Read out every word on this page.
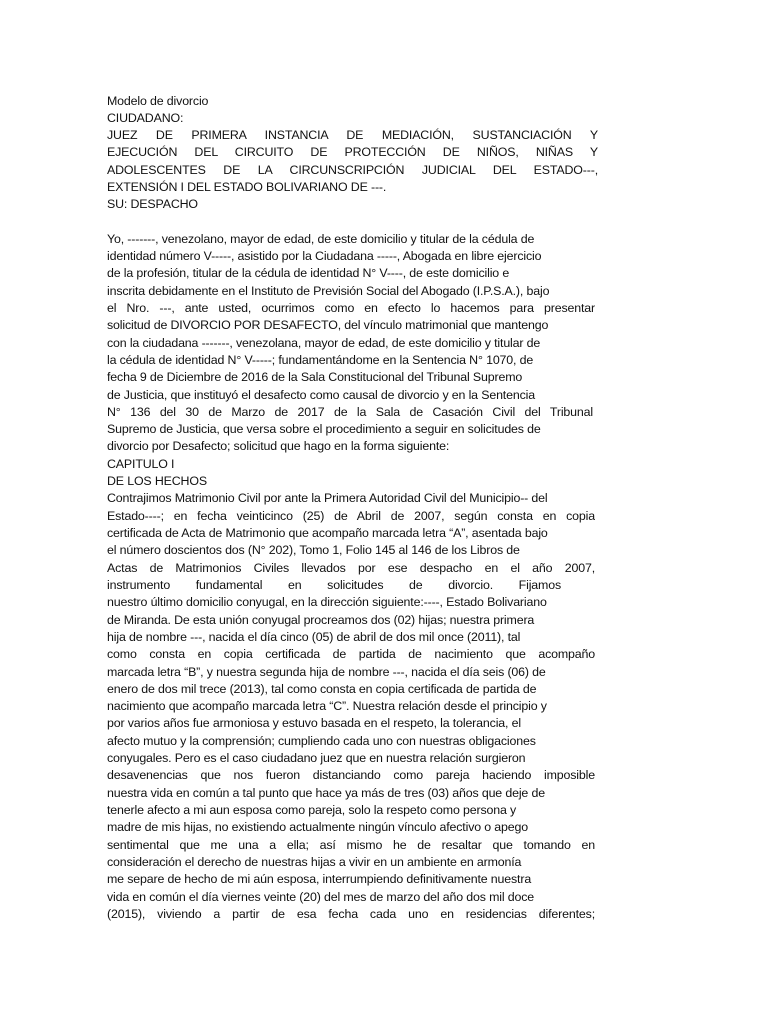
Modelo de divorcio
CIUDADANO:
JUEZ DE PRIMERA INSTANCIA DE MEDIACIÓN, SUSTANCIACIÓN Y
EJECUCIÓN DEL CIRCUITO DE PROTECCIÓN DE NIÑOS, NIÑAS Y
ADOLESCENTES DE LA CIRCUNSCRIPCIÓN JUDICIAL DEL ESTADO---,
EXTENSIÓN I DEL ESTADO BOLIVARIANO DE ---.
SU: DESPACHO
Yo, -------, venezolano, mayor de edad, de este domicilio y titular de la cédula de
identidad número V-----, asistido por la Ciudadana -----, Abogada en libre ejercicio
de la profesión, titular de la cédula de identidad N° V----, de este domicilio e
inscrita debidamente en el Instituto de Previsión Social del Abogado (I.P.S.A.), bajo
el Nro. ---, ante usted, ocurrimos como en efecto lo hacemos para presentar
solicitud de DIVORCIO POR DESAFECTO, del vínculo matrimonial que mantengo
con la ciudadana -------, venezolana, mayor de edad, de este domicilio y titular de
la cédula de identidad N° V-----; fundamentándome en la Sentencia N° 1070, de
fecha 9 de Diciembre de 2016 de la Sala Constitucional del Tribunal Supremo
de Justicia, que instituyó el desafecto como causal de divorcio y en la Sentencia
N° 136 del 30 de Marzo de 2017 de la Sala de Casación Civil del Tribunal
Supremo de Justicia, que versa sobre el procedimiento a seguir en solicitudes de
divorcio por Desafecto; solicitud que hago en la forma siguiente:
CAPITULO I
DE LOS HECHOS
Contrajimos Matrimonio Civil por ante la Primera Autoridad Civil del Municipio-- del
Estado----; en fecha veinticinco (25) de Abril de 2007, según consta en copia
certificada de Acta de Matrimonio que acompaño marcada letra “A”, asentada bajo
el número doscientos dos (N° 202), Tomo 1, Folio 145 al 146 de los Libros de
Actas de Matrimonios Civiles llevados por ese despacho en el año 2007,
instrumento fundamental en solicitudes de divorcio. Fijamos
nuestro último domicilio conyugal, en la dirección siguiente:----, Estado Bolivariano
de Miranda. De esta unión conyugal procreamos dos (02) hijas; nuestra primera
hija de nombre ---, nacida el día cinco (05) de abril de dos mil once (2011), tal
como consta en copia certificada de partida de nacimiento que acompaño
marcada letra “B”, y nuestra segunda hija de nombre ---, nacida el día seis (06) de
enero de dos mil trece (2013), tal como consta en copia certificada de partida de
nacimiento que acompaño marcada letra “C”. Nuestra relación desde el principio y
por varios años fue armoniosa y estuvo basada en el respeto, la tolerancia, el
afecto mutuo y la comprensión; cumpliendo cada uno con nuestras obligaciones
conyugales. Pero es el caso ciudadano juez que en nuestra relación surgieron
desavenencias que nos fueron distanciando como pareja haciendo imposible
nuestra vida en común a tal punto que hace ya más de tres (03) años que deje de
tenerle afecto a mi aun esposa como pareja, solo la respeto como persona y
madre de mis hijas, no existiendo actualmente ningún vínculo afectivo o apego
sentimental que me una a ella; así mismo he de resaltar que tomando en
consideración el derecho de nuestras hijas a vivir en un ambiente en armonía
me separe de hecho de mi aún esposa, interrumpiendo definitivamente nuestra
vida en común el día viernes veinte (20) del mes de marzo del año dos mil doce
(2015), viviendo a partir de esa fecha cada uno en residencias diferentes;
